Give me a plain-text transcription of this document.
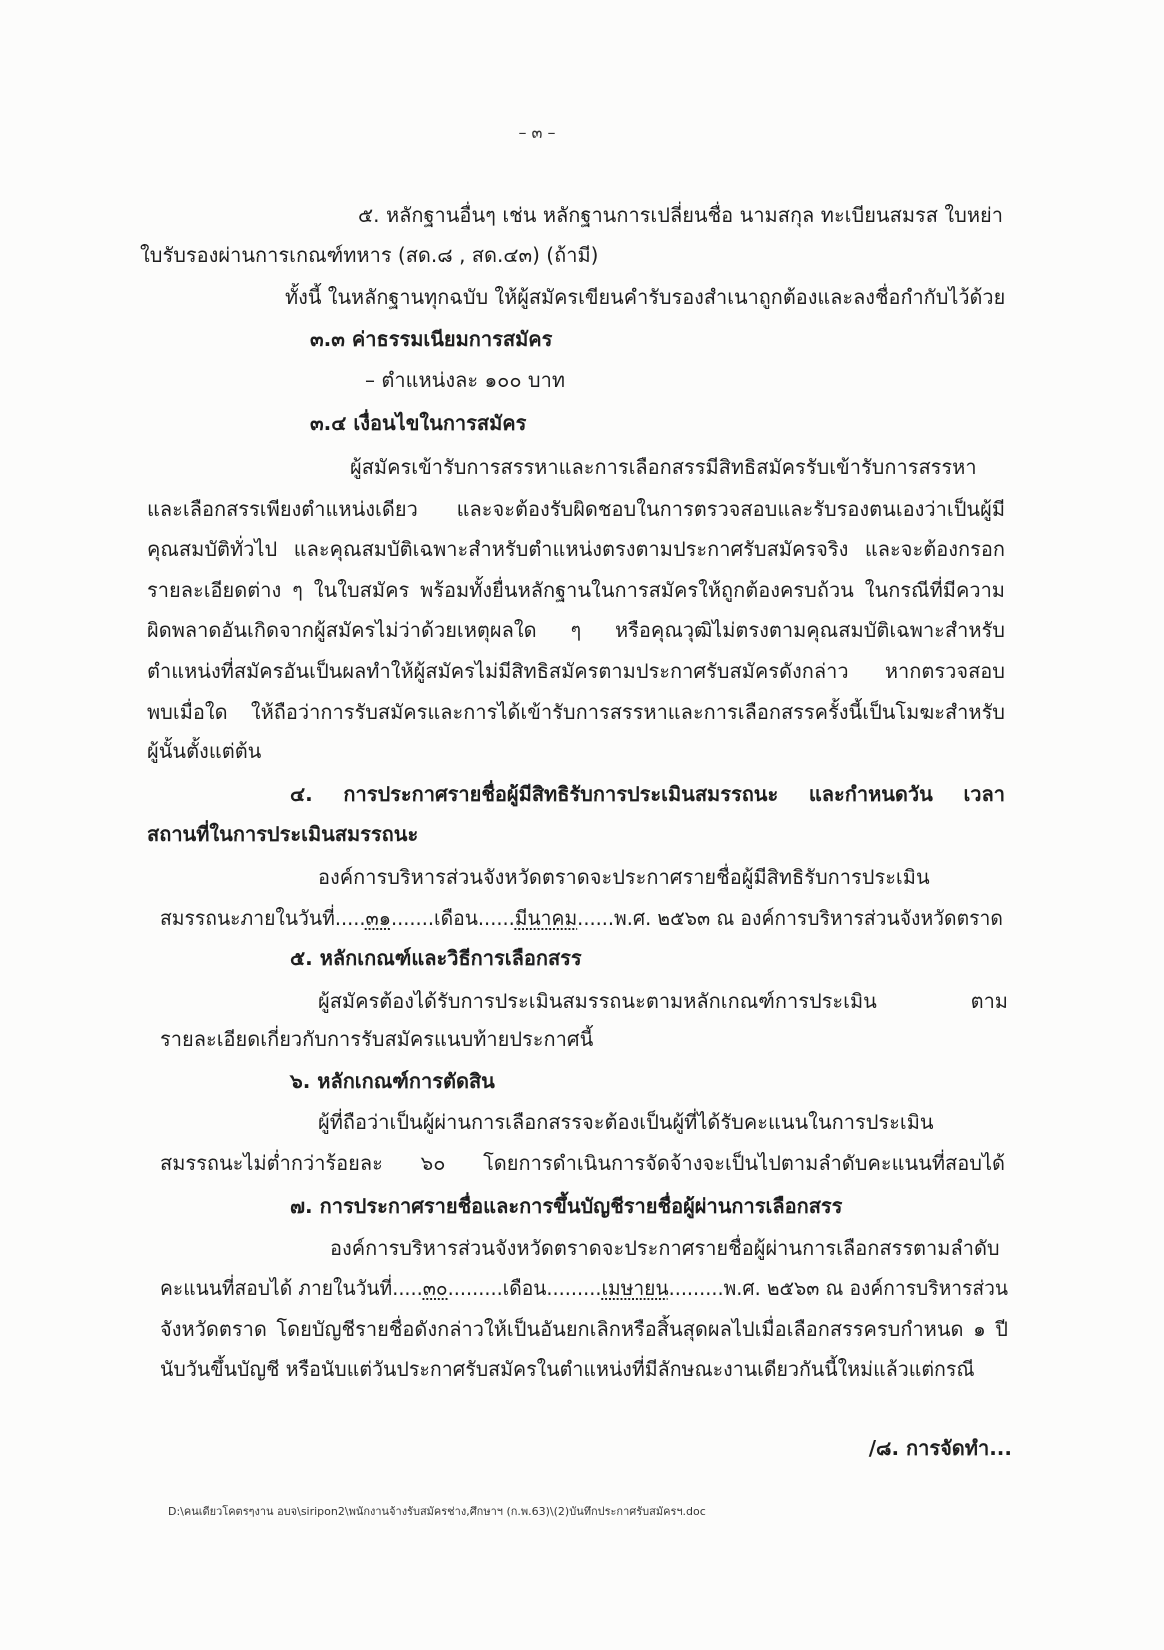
– ๓ –
๕. หลักฐานอื่นๆ เช่น หลักฐานการเปลี่ยนชื่อ นามสกุล ทะเบียนสมรส ใบหย่า
ใบรับรองผ่านการเกณฑ์ทหาร (สด.๘ , สด.๔๓) (ถ้ามี)
ทั้งนี้ ในหลักฐานทุกฉบับ ให้ผู้สมัครเขียนคำรับรองสำเนาถูกต้องและลงชื่อกำกับไว้ด้วย
๓.๓ ค่าธรรมเนียมการสมัคร
– ตำแหน่งละ ๑๐๐ บาท
๓.๔ เงื่อนไขในการสมัคร
ผู้สมัครเข้ารับการสรรหาและการเลือกสรรมีสิทธิสมัครรับเข้ารับการสรรหา
และเลือกสรรเพียงตำแหน่งเดียว และจะต้องรับผิดชอบในการตรวจสอบและรับรองตนเองว่าเป็นผู้มี
คุณสมบัติทั่วไป และคุณสมบัติเฉพาะสำหรับตำแหน่งตรงตามประกาศรับสมัครจริง และจะต้องกรอก
รายละเอียดต่าง ๆ ในใบสมัคร พร้อมทั้งยื่นหลักฐานในการสมัครให้ถูกต้องครบถ้วน ในกรณีที่มีความ
ผิดพลาดอันเกิดจากผู้สมัครไม่ว่าด้วยเหตุผลใด ๆ หรือคุณวุฒิไม่ตรงตามคุณสมบัติเฉพาะสำหรับ
ตำแหน่งที่สมัครอันเป็นผลทำให้ผู้สมัครไม่มีสิทธิสมัครตามประกาศรับสมัครดังกล่าว หากตรวจสอบ
พบเมื่อใด ให้ถือว่าการรับสมัครและการได้เข้ารับการสรรหาและการเลือกสรรครั้งนี้เป็นโมฆะสำหรับ
ผู้นั้นตั้งแต่ต้น
๔. การประกาศรายชื่อผู้มีสิทธิรับการประเมินสมรรถนะ และกำหนดวัน เวลา
สถานที่ในการประเมินสมรรถนะ
องค์การบริหารส่วนจังหวัดตราดจะประกาศรายชื่อผู้มีสิทธิรับการประเมิน
สมรรถนะภายในวันที่.....๓๑.......เดือน......มีนาคม......พ.ศ. ๒๕๖๓ ณ องค์การบริหารส่วนจังหวัดตราด
๕. หลักเกณฑ์และวิธีการเลือกสรร
ผู้สมัครต้องได้รับการประเมินสมรรถนะตามหลักเกณฑ์การประเมิน ตาม
รายละเอียดเกี่ยวกับการรับสมัครแนบท้ายประกาศนี้
๖. หลักเกณฑ์การตัดสิน
ผู้ที่ถือว่าเป็นผู้ผ่านการเลือกสรรจะต้องเป็นผู้ที่ได้รับคะแนนในการประเมิน
สมรรถนะไม่ต่ำกว่าร้อยละ ๖๐ โดยการดำเนินการจัดจ้างจะเป็นไปตามลำดับคะแนนที่สอบได้
๗. การประกาศรายชื่อและการขึ้นบัญชีรายชื่อผู้ผ่านการเลือกสรร
องค์การบริหารส่วนจังหวัดตราดจะประกาศรายชื่อผู้ผ่านการเลือกสรรตามลำดับ
คะแนนที่สอบได้ ภายในวันที่.....๓๐.........เดือน.........เมษายน.........พ.ศ. ๒๕๖๓ ณ องค์การบริหารส่วน
จังหวัดตราด โดยบัญชีรายชื่อดังกล่าวให้เป็นอันยกเลิกหรือสิ้นสุดผลไปเมื่อเลือกสรรครบกำหนด ๑ ปี
นับวันขึ้นบัญชี หรือนับแต่วันประกาศรับสมัครในตำแหน่งที่มีลักษณะงานเดียวกันนี้ใหม่แล้วแต่กรณี
/๘. การจัดทำ...
D:\คนเดียวโคตรๆงาน อบจ\siripon2\พนักงานจ้างรับสมัครช่าง,ศึกษาฯ (ก.พ.63)\(2)บันทึกประกาศรับสมัครฯ.doc
